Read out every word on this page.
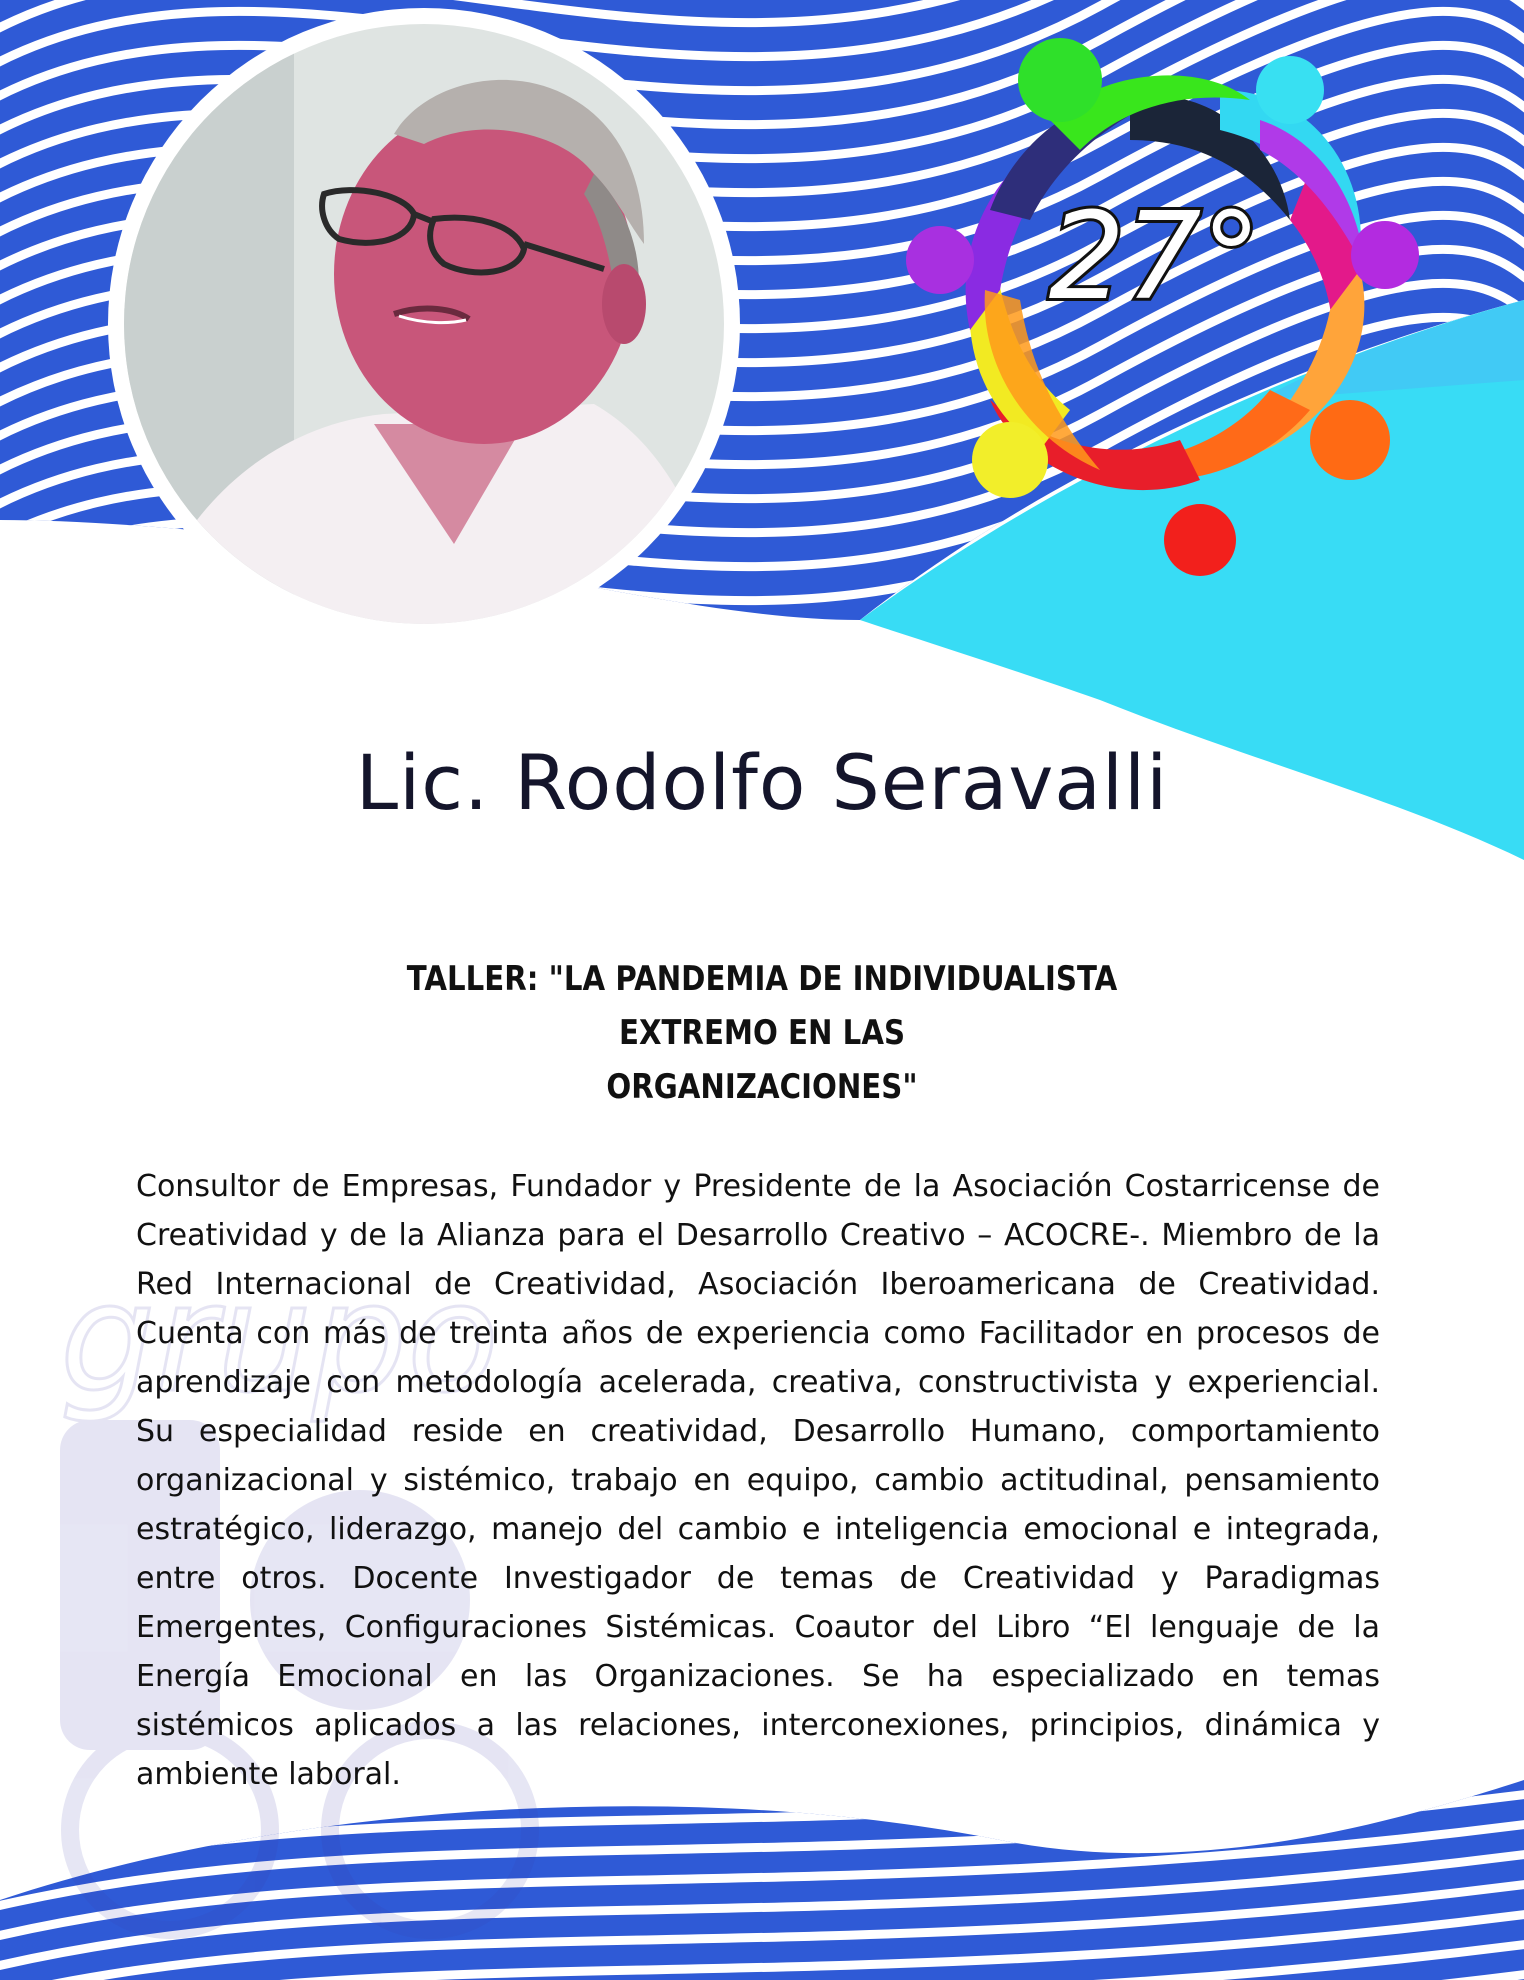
grupo
27°
Lic. Rodolfo Seravalli
TALLER: "LA PANDEMIA DE INDIVIDUALISTA EXTREMO EN LAS
ORGANIZACIONES"
Consultor de Empresas, Fundador y Presidente de la Asociación Costarricense de Creatividad y de la Alianza para el Desarrollo Creativo – ACOCRE-. Miembro de la Red Internacional de Creatividad, Asociación Iberoamericana de Creatividad. Cuenta con más de treinta años de experiencia como Facilitador en procesos de aprendizaje con metodología acelerada, creativa, constructivista y experiencial. Su especialidad reside en creatividad, Desarrollo Humano, comportamiento organizacional y sistémico, trabajo en equipo, cambio actitudinal, pensamiento estratégico, liderazgo, manejo del cambio e inteligencia emocional e integrada, entre otros. Docente Investigador de temas de Creatividad y Paradigmas Emergentes, Configuraciones Sistémicas. Coautor del Libro “El lenguaje de la Energía Emocional en las Organizaciones. Se ha especializado en temas sistémicos aplicados a las relaciones, interconexiones, principios, dinámica y ambiente laboral.
